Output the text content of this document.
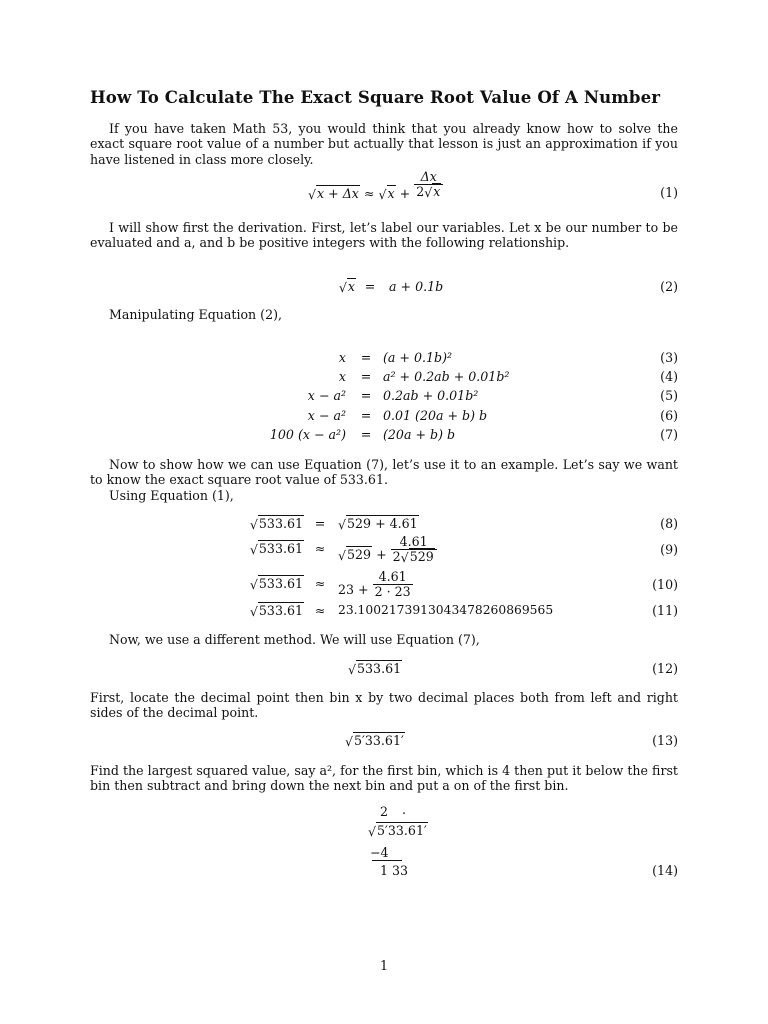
How To Calculate The Exact Square Root Value Of A Number
If you have taken Math 53, you would think that you already know how to solve the exact square root value of a number but actually that lesson is just an approximation if you have listened in class more closely.
$√x + \Delta x \approx √x + \frac{\Delta x}{2√x}$	(1)
I will show first the derivation. First, let’s label our variables. Let x be our number to be evaluated and a, and b be positive integers with the following relationship.
√x =	a + 0.1b	(2)
Manipulating Equation (2),
x	= (a + 0.1b)²	(3)
x	= a² + 0.2ab + 0.01b²	(4)
x − a²	= 0.2ab + 0.01b²	(5)
x − a²	= 0.01 (20a + b) b	(6)
100 (x − a²)	= (20a + b) b	(7)
Now to show how we can use Equation (7), let’s use it to an example. Let’s say we want to know the exact square root value of 533.61.
Using Equation (1),
√533.61 =	√529 + 4.61	(8)
√533.61 ≈	$√529 + \frac{4.61}{2√529}$	(9)
√533.61 ≈	$23 + \frac{4.61}{2 \cdot 23}$	(10)
√533.61 ≈	23.100217391304347826086956​5	(11)
Now, we use a different method. We will use Equation (7),
√533.61	(12)
First, locate the decimal point then bin x by two decimal places both from left and right sides of the decimal point.
√5′33.61′	(13)
Find the largest squared value, say a², for the first bin, which is 4 then put it below the first bin then subtract and bring down the next bin and put a on of the first bin.
2 .
√5′33.61′
−4
1 33	(14)
1
